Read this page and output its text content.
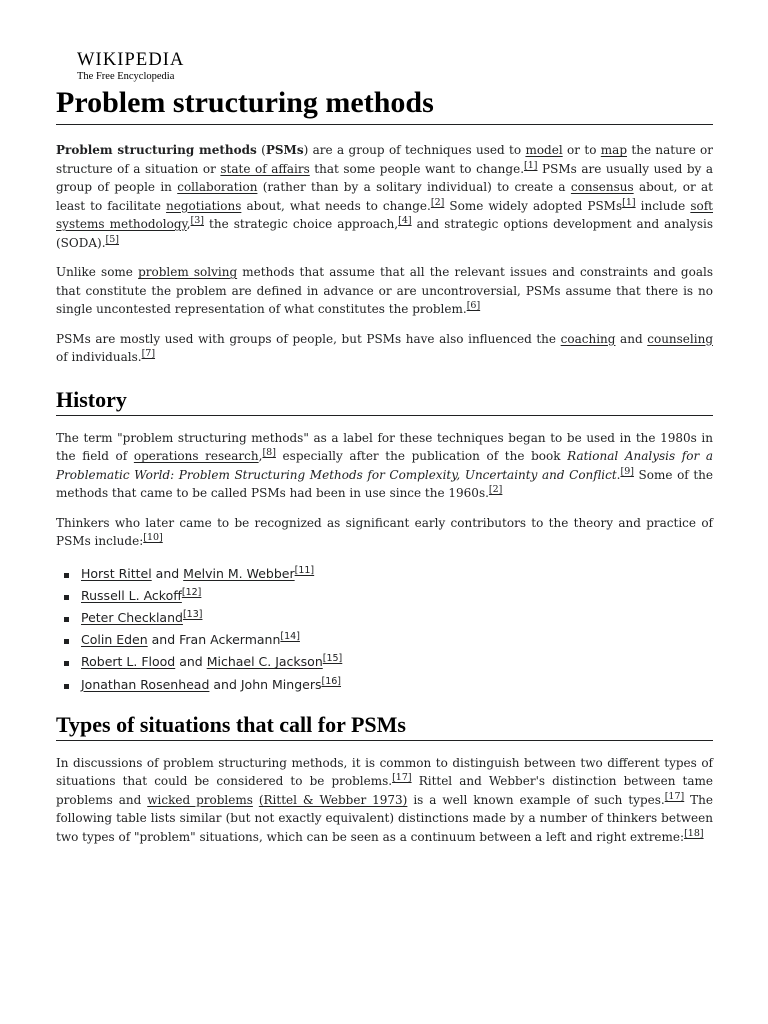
WIKIPEDIA
The Free Encyclopedia
Problem structuring methods

Problem structuring methods (PSMs) are a group of techniques used to model or to map the nature or structure of a situation or state of affairs that some people want to change.[1] PSMs are usually used by a group of people in collaboration (rather than by a solitary individual) to create a consensus about, or at least to facilitate negotiations about, what needs to change.[2] Some widely adopted PSMs[1] include soft systems methodology,[3] the strategic choice approach,[4] and strategic options development and analysis (SODA).[5]

Unlike some problem solving methods that assume that all the relevant issues and constraints and goals that constitute the problem are defined in advance or are uncontroversial, PSMs assume that there is no single uncontested representation of what constitutes the problem.[6]

PSMs are mostly used with groups of people, but PSMs have also influenced the coaching and counseling of individuals.[7]

History

The term "problem structuring methods" as a label for these techniques began to be used in the 1980s in the field of operations research,[8] especially after the publication of the book Rational Analysis for a Problematic World: Problem Structuring Methods for Complexity, Uncertainty and Conflict.[9] Some of the methods that came to be called PSMs had been in use since the 1960s.[2]

Thinkers who later came to be recognized as significant early contributors to the theory and practice of PSMs include:[10]

Horst Rittel and Melvin M. Webber[11]
Russell L. Ackoff[12]
Peter Checkland[13]
Colin Eden and Fran Ackermann[14]
Robert L. Flood and Michael C. Jackson[15]
Jonathan Rosenhead and John Mingers[16]
Types of situations that call for PSMs

In discussions of problem structuring methods, it is common to distinguish between two different types of situations that could be considered to be problems.[17] Rittel and Webber's distinction between tame problems and wicked problems (Rittel & Webber 1973) is a well known example of such types.[17] The following table lists similar (but not exactly equivalent) distinctions made by a number of thinkers between two types of "problem" situations, which can be seen as a continuum between a left and right extreme:[18]
